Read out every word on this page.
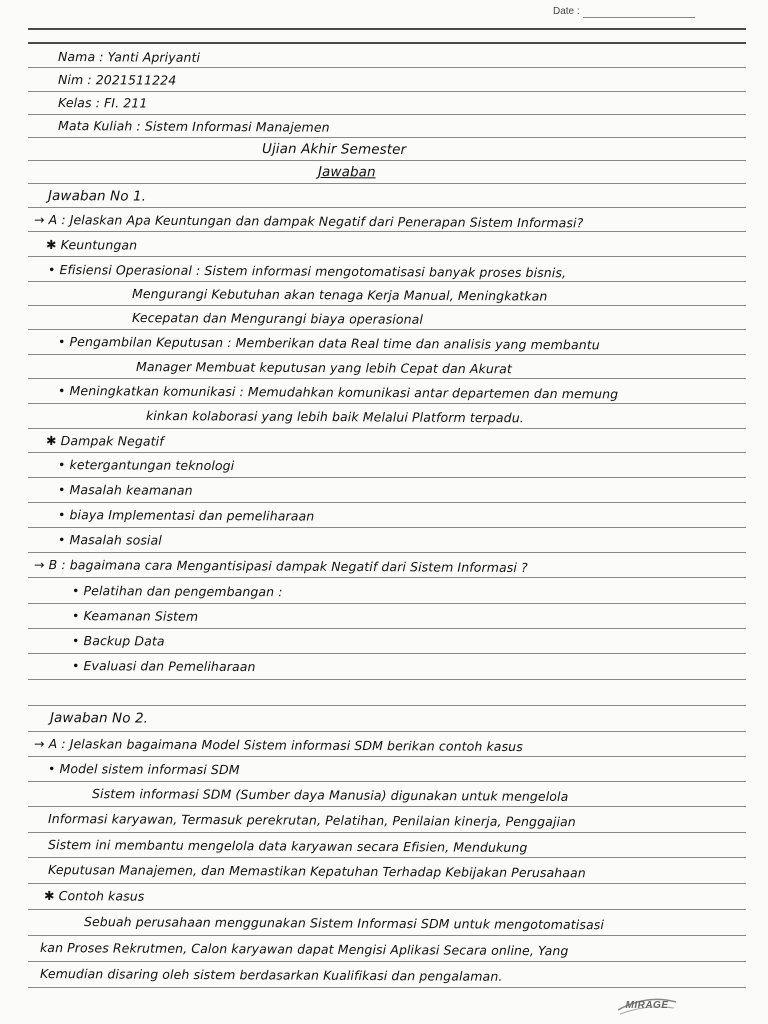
Date :
Nama : Yanti Apriyanti
Nim : 2021511224
Kelas : FI. 211
Mata Kuliah : Sistem Informasi Manajemen
Ujian Akhir Semester
Jawaban
Jawaban No 1.
→ A : Jelaskan Apa Keuntungan dan dampak Negatif dari Penerapan Sistem Informasi?
✱ Keuntungan
• Efisiensi Operasional : Sistem informasi mengotomatisasi banyak proses bisnis,
Mengurangi Kebutuhan akan tenaga Kerja Manual, Meningkatkan
Kecepatan dan Mengurangi biaya operasional
• Pengambilan Keputusan : Memberikan data Real time dan analisis yang membantu
Manager Membuat keputusan yang lebih Cepat dan Akurat
• Meningkatkan komunikasi : Memudahkan komunikasi antar departemen dan memung
kinkan kolaborasi yang lebih baik Melalui Platform terpadu.
✱ Dampak Negatif
• ketergantungan teknologi
• Masalah keamanan
• biaya Implementasi dan pemeliharaan
• Masalah sosial
→ B : bagaimana cara Mengantisipasi dampak Negatif dari Sistem Informasi ?
• Pelatihan dan pengembangan :
• Keamanan Sistem
• Backup Data
• Evaluasi dan Pemeliharaan
Jawaban No 2.
→ A : Jelaskan bagaimana Model Sistem informasi SDM berikan contoh kasus
• Model sistem informasi SDM
Sistem informasi SDM (Sumber daya Manusia) digunakan untuk mengelola
Informasi karyawan, Termasuk perekrutan, Pelatihan, Penilaian kinerja, Penggajian
Sistem ini membantu mengelola data karyawan secara Efisien, Mendukung
Keputusan Manajemen, dan Memastikan Kepatuhan Terhadap Kebijakan Perusahaan
✱ Contoh kasus
Sebuah perusahaan menggunakan Sistem Informasi SDM untuk mengotomatisasi
kan Proses Rekrutmen, Calon karyawan dapat Mengisi Aplikasi Secara online, Yang
Kemudian disaring oleh sistem berdasarkan Kualifikasi dan pengalaman.
MIRAGE
